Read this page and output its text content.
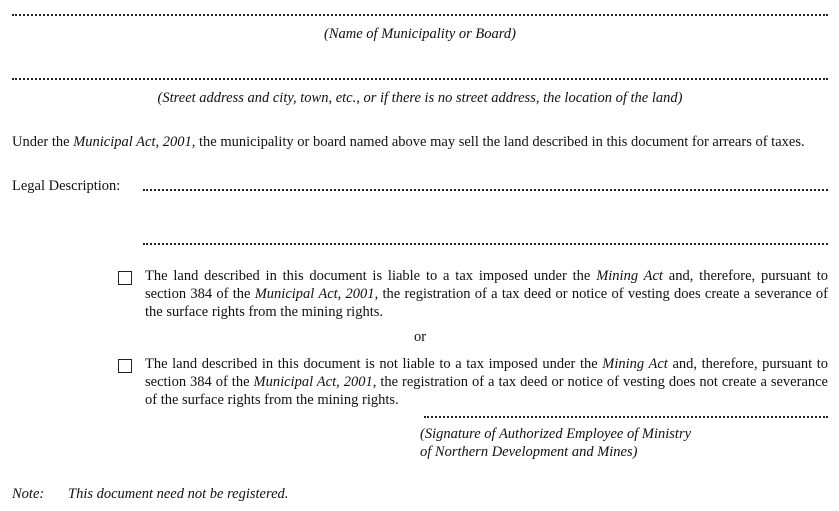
(Name of Municipality or Board)
(Street address and city, town, etc., or if there is no street address, the location of the land)
Under the Municipal Act, 2001, the municipality or board named above may sell the land described in this document for arrears of taxes.
Legal Description:
The land described in this document is liable to a tax imposed under the Mining Act and, therefore, pursuant to section 384 of the Municipal Act, 2001, the registration of a tax deed or notice of vesting does create a severance of the surface rights from the mining rights.
or
The land described in this document is not liable to a tax imposed under the Mining Act and, therefore, pursuant to section 384 of the Municipal Act, 2001, the registration of a tax deed or notice of vesting does not create a severance of the surface rights from the mining rights.
(Signature of Authorized Employee of Ministry
of Northern Development and Mines)
Note: This document need not be registered.
